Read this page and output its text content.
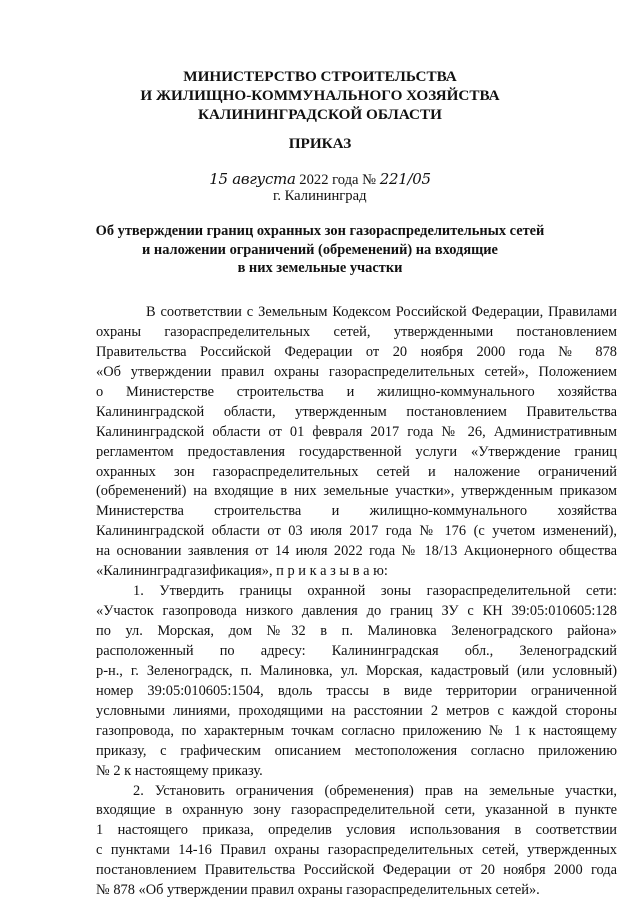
МИНИСТЕРСТВО СТРОИТЕЛЬСТВА
И ЖИЛИЩНО-КОММУНАЛЬНОГО ХОЗЯЙСТВА
КАЛИНИНГРАДСКОЙ ОБЛАСТИ
ПРИКАЗ
15 августа 2022 года № 221/05
г. Калининград
Об утверждении границ охранных зон газораспределительных сетей
и наложении ограничений (обременений) на входящие
в них земельные участки
В соответствии с Земельным Кодексом Российской Федерации, Правилами
охраны газораспределительных сетей, утвержденными постановлением
Правительства Российской Федерации от 20 ноября 2000 года № 878
«Об утверждении правил охраны газораспределительных сетей», Положением
о Министерстве строительства и жилищно-коммунального хозяйства
Калининградской области, утвержденным постановлением Правительства
Калининградской области от 01 февраля 2017 года № 26, Административным
регламентом предоставления государственной услуги «Утверждение границ
охранных зон газораспределительных сетей и наложение ограничений
(обременений) на входящие в них земельные участки», утвержденным приказом
Министерства строительства и жилищно-коммунального хозяйства
Калининградской области от 03 июля 2017 года № 176 (с учетом изменений),
на основании заявления от 14 июля 2022 года № 18/13 Акционерного общества
«Калининградгазификация», п р и к а з ы в а ю:
1. Утвердить границы охранной зоны газораспределительной сети:
«Участок газопровода низкого давления до границ ЗУ с КН 39:05:010605:128
по ул. Морская, дом №32 в п. Малиновка Зеленоградского района»
расположенный по адресу: Калининградская обл., Зеленоградский
р-н., г. Зеленоградск, п. Малиновка, ул. Морская, кадастровый (или условный)
номер 39:05:010605:1504, вдоль трассы в виде территории ограниченной
условными линиями, проходящими на расстоянии 2 метров с каждой стороны
газопровода, по характерным точкам согласно приложению № 1 к настоящему
приказу, с графическим описанием местоположения согласно приложению
№ 2 к настоящему приказу.
2. Установить ограничения (обременения) прав на земельные участки,
входящие в охранную зону газораспределительной сети, указанной в пункте
1 настоящего приказа, определив условия использования в соответствии
с пунктами 14-16 Правил охраны газораспределительных сетей, утвержденных
постановлением Правительства Российской Федерации от 20 ноября 2000 года
№ 878 «Об утверждении правил охраны газораспределительных сетей».
